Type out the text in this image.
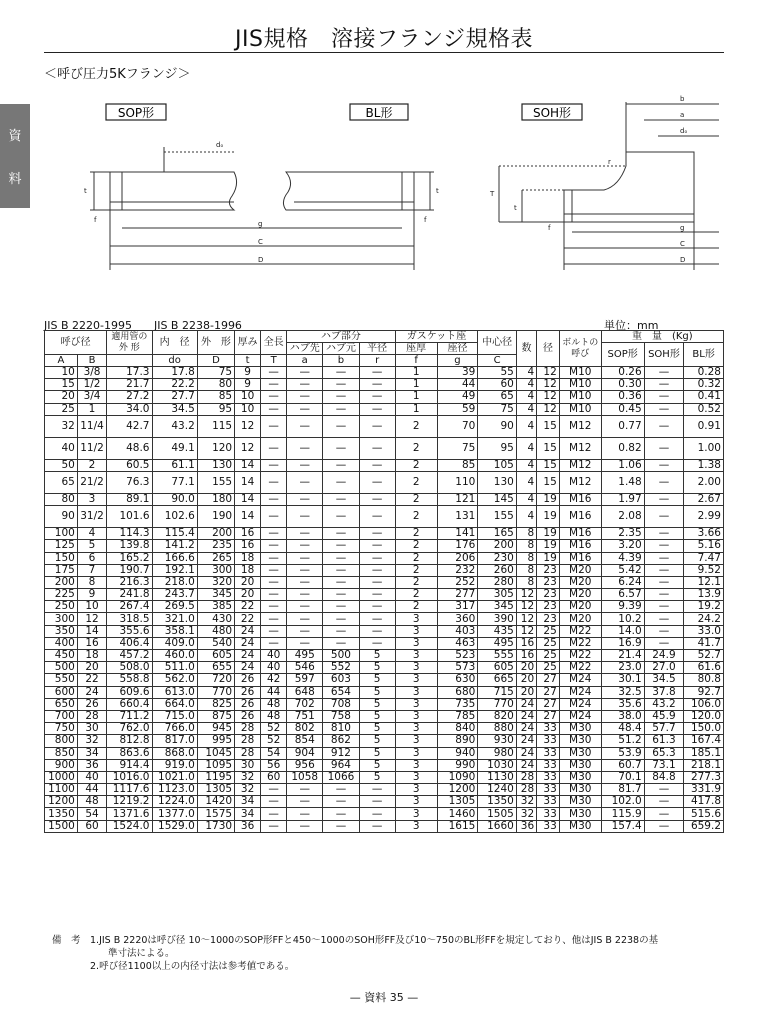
JIS規格　溶接フランジ規格表
＜呼び圧力5Kフランジ＞
資
料
SOP形	BL形	SOH形
dₒ
t
f
t
f
g
C
D
b
a
dₒ
r
T
t
f	g
C
D
JIS B 2220-1995　　JIS B 2238-1996	単位：mm
呼び径		適用管の外 形	内　径	外　形	厚み	全長	ハブ部分			ガスケット座		中心径	数	径	ボルトの呼び	重　量　(Kg)		
							ハブ先	ハブ元	平径	座厚	座径					SOP形	SOH形	BL形
A	B		do	D	t	T	a	b	r	f	g	C						
10	3/8	17.3	17.8	75	9	—	—	—	—	1	39	55	4	12	M10	0.26	—	0.28
15	1/2	21.7	22.2	80	9	—	—	—	—	1	44	60	4	12	M10	0.30	—	0.32
20	3/4	27.2	27.7	85	10	—	—	—	—	1	49	65	4	12	M10	0.36	—	0.41
25	1	34.0	34.5	95	10	—	—	—	—	1	59	75	4	12	M10	0.45	—	0.52
32	11/4	42.7	43.2	115	12	—	—	—	—	2	70	90	4	15	M12	0.77	—	0.91
40	11/2	48.6	49.1	120	12	—	—	—	—	2	75	95	4	15	M12	0.82	—	1.00
50	2	60.5	61.1	130	14	—	—	—	—	2	85	105	4	15	M12	1.06	—	1.38
65	21/2	76.3	77.1	155	14	—	—	—	—	2	110	130	4	15	M12	1.48	—	2.00
80	3	89.1	90.0	180	14	—	—	—	—	2	121	145	4	19	M16	1.97	—	2.67
90	31/2	101.6	102.6	190	14	—	—	—	—	2	131	155	4	19	M16	2.08	—	2.99
100	4	114.3	115.4	200	16	—	—	—	—	2	141	165	8	19	M16	2.35	—	3.66
125	5	139.8	141.2	235	16	—	—	—	—	2	176	200	8	19	M16	3.20	—	5.16
150	6	165.2	166.6	265	18	—	—	—	—	2	206	230	8	19	M16	4.39	—	7.47
175	7	190.7	192.1	300	18	—	—	—	—	2	232	260	8	23	M20	5.42	—	9.52
200	8	216.3	218.0	320	20	—	—	—	—	2	252	280	8	23	M20	6.24	—	12.1
225	9	241.8	243.7	345	20	—	—	—	—	2	277	305	12	23	M20	6.57	—	13.9
250	10	267.4	269.5	385	22	—	—	—	—	2	317	345	12	23	M20	9.39	—	19.2
300	12	318.5	321.0	430	22	—	—	—	—	3	360	390	12	23	M20	10.2	—	24.2
350	14	355.6	358.1	480	24	—	—	—	—	3	403	435	12	25	M22	14.0	—	33.0
400	16	406.4	409.0	540	24	—	—	—	—	3	463	495	16	25	M22	16.9	—	41.7
450	18	457.2	460.0	605	24	40	495	500	5	3	523	555	16	25	M22	21.4	24.9	52.7
500	20	508.0	511.0	655	24	40	546	552	5	3	573	605	20	25	M22	23.0	27.0	61.6
550	22	558.8	562.0	720	26	42	597	603	5	3	630	665	20	27	M24	30.1	34.5	80.8
600	24	609.6	613.0	770	26	44	648	654	5	3	680	715	20	27	M24	32.5	37.8	92.7
650	26	660.4	664.0	825	26	48	702	708	5	3	735	770	24	27	M24	35.6	43.2	106.0
700	28	711.2	715.0	875	26	48	751	758	5	3	785	820	24	27	M24	38.0	45.9	120.0
750	30	762.0	766.0	945	28	52	802	810	5	3	840	880	24	33	M30	48.4	57.7	150.0
800	32	812.8	817.0	995	28	52	854	862	5	3	890	930	24	33	M30	51.2	61.3	167.4
850	34	863.6	868.0	1045	28	54	904	912	5	3	940	980	24	33	M30	53.9	65.3	185.1
900	36	914.4	919.0	1095	30	56	956	964	5	3	990	1030	24	33	M30	60.7	73.1	218.1
1000	40	1016.0	1021.0	1195	32	60	1058	1066	5	3	1090	1130	28	33	M30	70.1	84.8	277.3
1100	44	1117.6	1123.0	1305	32	—	—	—	—	3	1200	1240	28	33	M30	81.7	—	331.9
1200	48	1219.2	1224.0	1420	34	—	—	—	—	3	1305	1350	32	33	M30	102.0	—	417.8
1350	54	1371.6	1377.0	1575	34	—	—	—	—	3	1460	1505	32	33	M30	115.9	—	515.6
1500	60	1524.0	1529.0	1730	36	—	—	—	—	3	1615	1660	36	33	M30	157.4	—	659.2
備　考 1.JIS B 2220は呼び径 10～1000のSOP形FFと450～1000のSOH形FF及び10～750のBL形FFを規定しており、他はJIS B 2238の基
準寸法による。
2.呼び径1100以上の内径寸法は参考値である。
— 資料 35 —
